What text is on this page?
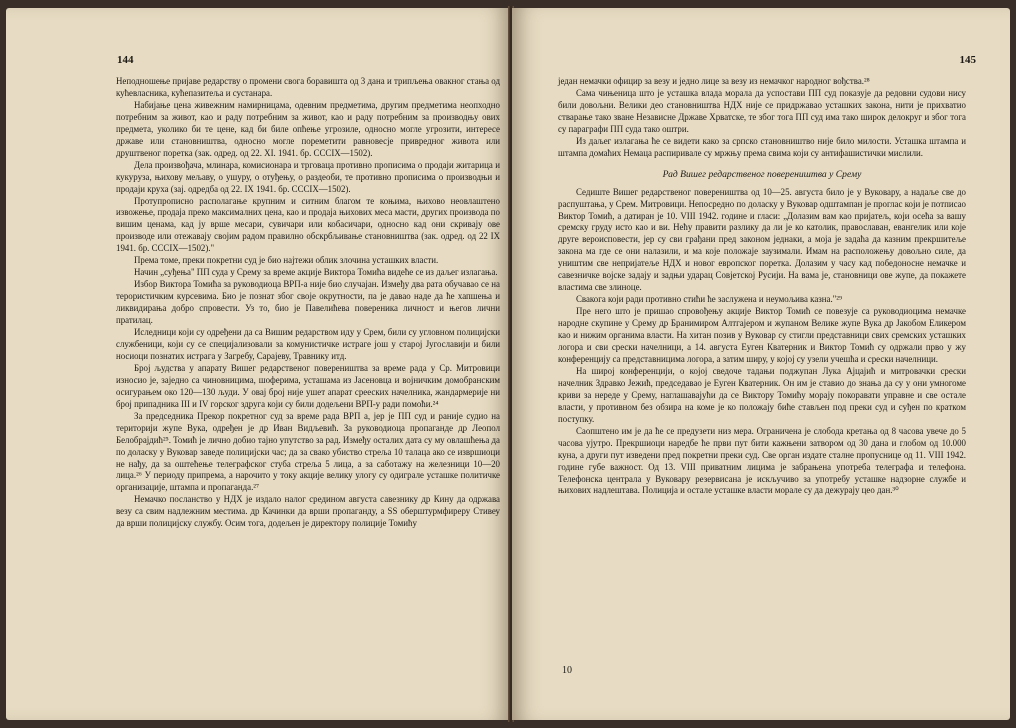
144

Неподношење пријаве редарству о промени свога боравишта од 3 дана и трипљења овакног стања од кућевласника, кућепазитеља и сустанара.

Набијање цена живежним намирницама, одевним предметима, другим предметима неопходно потребним за живот, као и раду потребним за живот, као и раду потребним за производњу ових предмета, уколико би те цене, кад би биле опћење угрозиле, односно могле угрозити, интересе државе или становништва, односно могле пореметити равновесје привредног живота или друштвеног поретка (зак. одред. од 22. XI. 1941. бр. CCCIX—1502).

Дела произвођача, млинара, комисионара и трговаца противно прописима о продаји житарица и кукуруза, њихову мељаву, о ушуру, о отуђењу, о раздеоби, те противно прописима о производњи и продаји круха (зај. одредба од 22. IX 1941. бр. CCCIX—1502).

Протупрописно располагање крупним и ситним благом те коњима, њихово неовлаштено извожење, продаја преко максималних цена, као и продаја њихових меса масти, других производа по вишим ценама, кад ју врше месари, сувичари или кобасичари, односно кад они скривају ове производе или отежавају својим радом правилно обскрбљивање становништва (зак. одред. од 22 IX 1941. бр. CCCIX—1502)."

Према томе, преки покретни суд је био најтежи облик злочина усташких власти.

Начин „суђења" ПП суда у Срему за време акције Виктора Томића видеће се из даљег излагања.

Избор Виктора Томића за руководиоца ВРП-а није био случајан. Између два рата обучавао се на терористичким курсевима. Био је познат због своје окрутности, па је давао наде да ће хапшења и ликвидирања добро спровести. Уз то, био је Павелићева повереника личност и његов лични пратилац.

Иследници који су одређени да са Вишим редарством иду у Срем, били су угловном полицијски службеници, који су се специјализовали за комунистичке истраге још у старој Југославији и били носиоци познатих истрага у Загребу, Сарајеву, Травнику итд.

Број људства у апарату Вишег редарственог повереништва за време рада у Ср. Митровици износио је, заједно са чиновницима, шоферима, усташама из Јасеновца и војничким домобранским осигурањем око 120—130 људи. У овај број није ушет апарат срееских начелника, жандармерије ни број припадника III и IV горског здруга који су били додељени ВРП-у ради помоћи.²⁴

За председника Прекор покретног суд за време рада ВРП а, јер је ПП суд и раније судио на територији жупе Вука, одређен је др Иван Видљевић. За руководиоца пропаганде др Леопол Белобрајдић²⁵. Томић је лично добио тајно упутство за рад. Између осталих дата су му овлашћења да по доласку у Вуковар заведе полицијски час; да за свако убиство стреља 10 талаца ако се извршиоци не нађу, да за оштећење телеграфског стуба стреља 5 лица, а за саботажу на железници 10—20 лица.²⁶ У периоду припрема, а нарочито у току акције велику улогу су одиграле усташке политичке организације, штампа и пропаганда.²⁷

Немачко посланство у НДХ је издало налог средином августа савезнику др Кину да одржава везу са свим надлежним местима. др Качинки да врши пропаганду, а SS оберштурмфиреру Стивеу да врши полицијску службу. Осим тога, додељен је директору полиције Томићу

145

један немачки официр за везу и једно лице за везу из немачког народног вођства.²⁸

Сама чињеница што је усташка влада морала да успостави ПП суд показује да редовни судови нису били довољни. Велики део становништва НДХ није се придржавао усташких закона, нити је прихватио стварање тако зване Независне Државе Хрватске, те због тога ПП суд има тако широк делокруг и због тога су параграфи ПП суда тако оштри.

Из даљег излагања ће се видети како за српско становништво није било милости. Усташка штампа и штампа домаћих Немаца распиривале су мржњу према свима који су антифашистички мислили.

Рад Вишег редарственог повереништва у Срему

Седиште Вишег редарственог повереништва од 10—25. августа било је у Вуковару, а надаље све до распуштања, у Срем. Митровици. Непосредно по доласку у Вуковар одштампан је проглас који је потписао Виктор Томић, а датиран је 10. VIII 1942. године и гласи: „Долазим вам као пријатељ, који осећа за вашу сремску груду исто као и ви. Нећу правити разлику да ли је ко католик, православан, евангелик или које друге вероисповести, јер су сви грађани пред законом једнаки, а моја је задаћа да казним прекршитеље закона ма где се они налазили, и ма које положаје заузимали. Имам на расположењу довољно силе, да уништим све непријатеље НДХ и новог европског поретка. Долазим у часу кад победоносне немачке и савезничке војске задају и задњи ударац Совјетској Русији. На вама је, становници ове жупе, да покажете властима све злиноце.

Свакога који ради противно стићи ће заслужена и неумољива казна."²⁹

Пре него што је пришао спровођењу акције Виктор Томић се повезује са руководиоцима немачке народне скупине у Срему др Бранимиром Алтгајером и жупаном Велике жупе Вука др Јакобом Еликером као и нижим органима власти. На хитан позив у Вуковар су стигли представници свих сремских усташких логора и сви срески начелници, а 14. августа Еуген Кватерник и Виктор Томић су одржали прво у жу конференцију са представницима логора, а затим ширу, у којој су узели учешћа и срески начелници.

На широј конференцији, о којој сведоче тадањи поджупан Лука Ајцајић и митровачки срески начелник Здравко Јежић, председавао је Еуген Кватерник. Он им је ставио до знања да су у они умногоме криви за нереде у Срему, наглашавајући да се Виктору Томићу морају покоравати управне и све остале власти, у противном без обзира на коме је ко положају биће стављен под преки суд и суђен по кратком поступку.

Саопштено им је да ће се предузети низ мера. Ограничена је слобода кретања од 8 часова увече до 5 часова ујутро. Прекршиоци наредбе ће први пут бити кажњени затвором од 30 дана и глобом од 10.000 куна, а други пут изведени пред покретни преки суд. Све орган издате сталне пропуснице од 11. VIII 1942. године губе важност. Од 13. VIII приватним лицима је забрањена употреба телеграфа и телефона. Телефонска централа у Вуковару резервисана је искључиво за употребу усташке надзорне службе и њихових надлештава. Полиција и остале усташке власти морале су да дежурају цео дан.³⁰

10
